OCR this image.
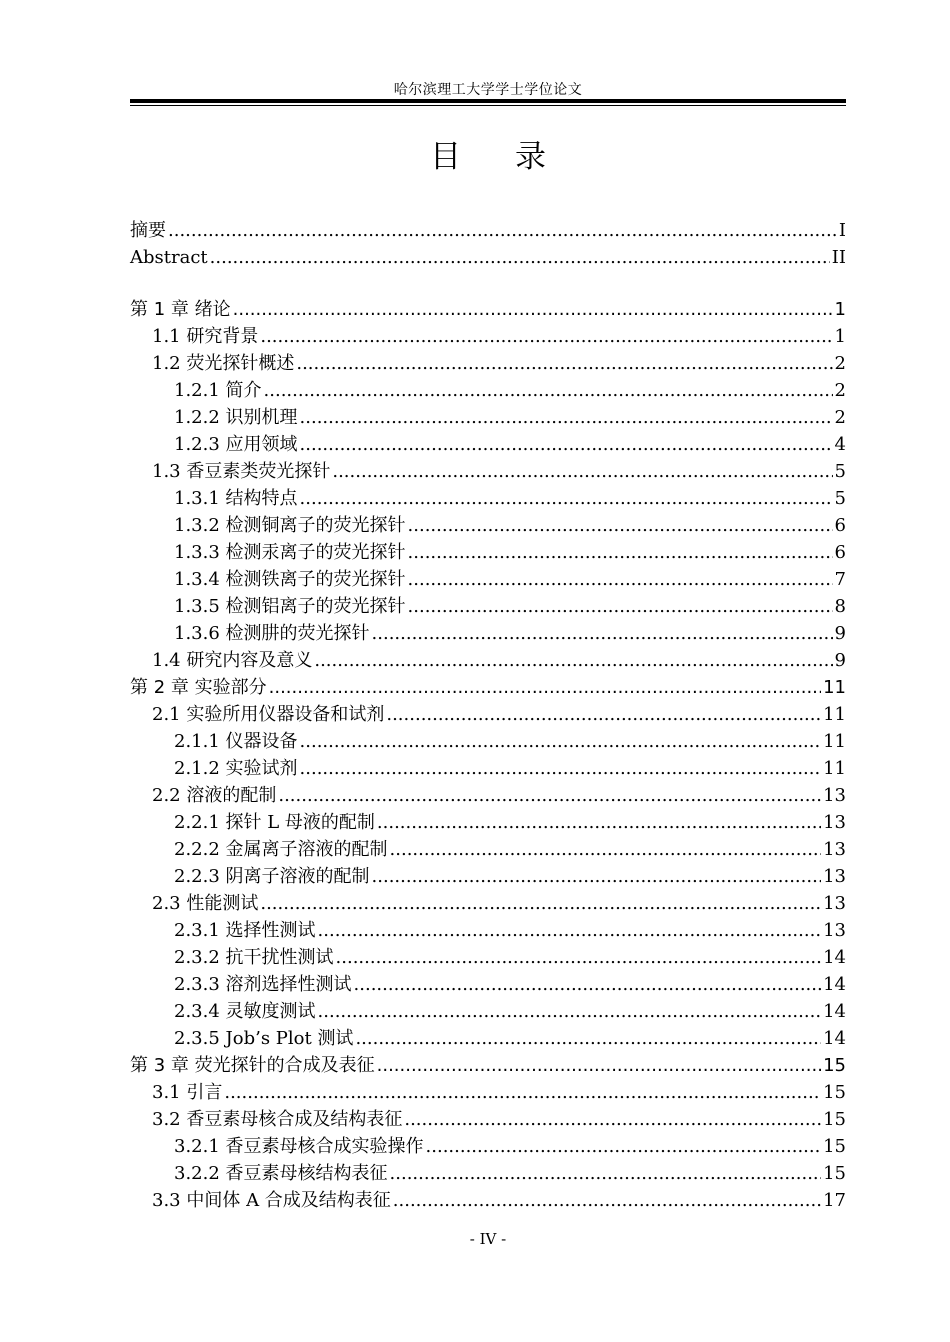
哈尔滨理工大学学士学位论文
目 录
摘要 .....	I
Abstract .....	II
第 1 章 绪论 .....	1
1.1 研究背景 .....	1
1.2 荧光探针概述 .....	2
1.2.1 简介 .....	2
1.2.2 识别机理 .....	2
1.2.3 应用领域 .....	4
1.3 香豆素类荧光探针 .....	5
1.3.1 结构特点 .....	5
1.3.2 检测铜离子的荧光探针 .....	6
1.3.3 检测汞离子的荧光探针 .....	6
1.3.4 检测铁离子的荧光探针 .....	7
1.3.5 检测铝离子的荧光探针 .....	8
1.3.6 检测肼的荧光探针 .....	9
1.4 研究内容及意义 .....	9
第 2 章 实验部分 .....	11
2.1 实验所用仪器设备和试剂 .....	11
2.1.1 仪器设备 .....	11
2.1.2 实验试剂 .....	11
2.2 溶液的配制 .....	13
2.2.1 探针 L 母液的配制 .....	13
2.2.2 金属离子溶液的配制 .....	13
2.2.3 阴离子溶液的配制 .....	13
2.3 性能测试 .....	13
2.3.1 选择性测试 .....	13
2.3.2 抗干扰性测试 .....	14
2.3.3 溶剂选择性测试 .....	14
2.3.4 灵敏度测试 .....	14
2.3.5 Job’s Plot 测试 .....	14
第 3 章 荧光探针的合成及表征 .....	15
3.1 引言 .....	15
3.2 香豆素母核合成及结构表征 .....	15
3.2.1 香豆素母核合成实验操作 .....	15
3.2.2 香豆素母核结构表征 .....	15
3.3 中间体 A 合成及结构表征 .....	17
- IV -
